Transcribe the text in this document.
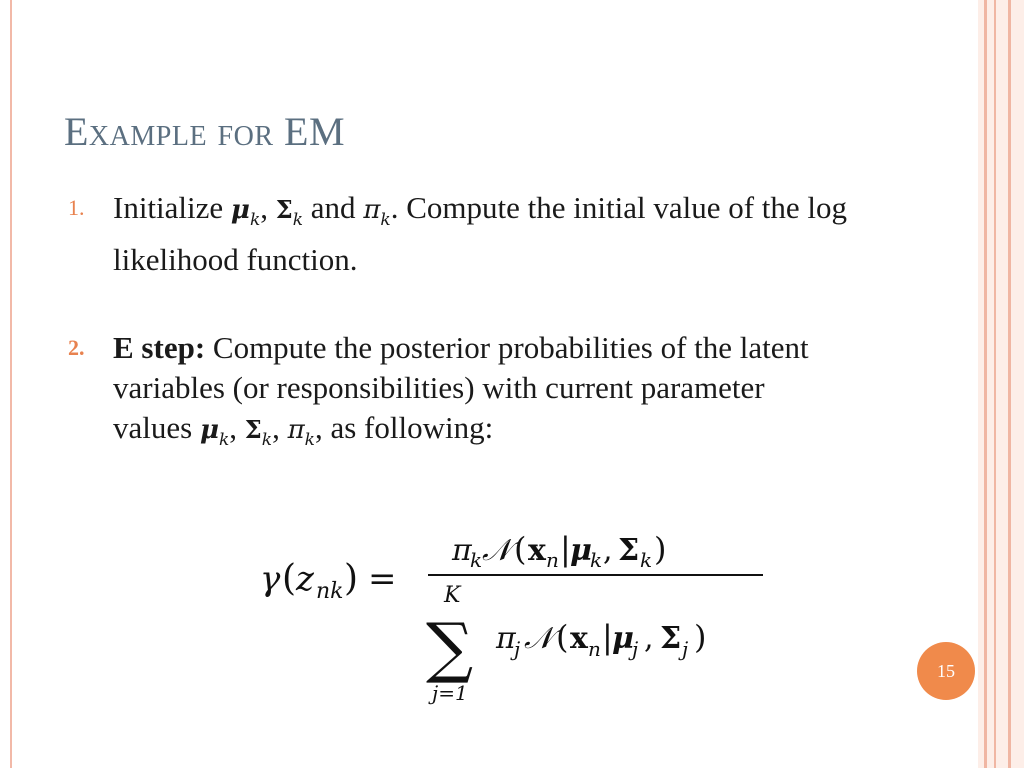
Example for EM
1. Initialize $\mu_k$, $\Sigma_k$ and $\pi_k$. Compute the initial value of the log likelihood function.
2. E step: Compute the posterior probabilities of the latent variables (or responsibilities) with current parameter values $\mu_k$, $\Sigma_k$, $\pi_k$, as following:
γ ( z nk ) =
π
k 𝒩 ( x n | μ
k , Σ k )
K
∑
j=1
π
j 𝒩 ( x n | μ
j , Σ j )
15
